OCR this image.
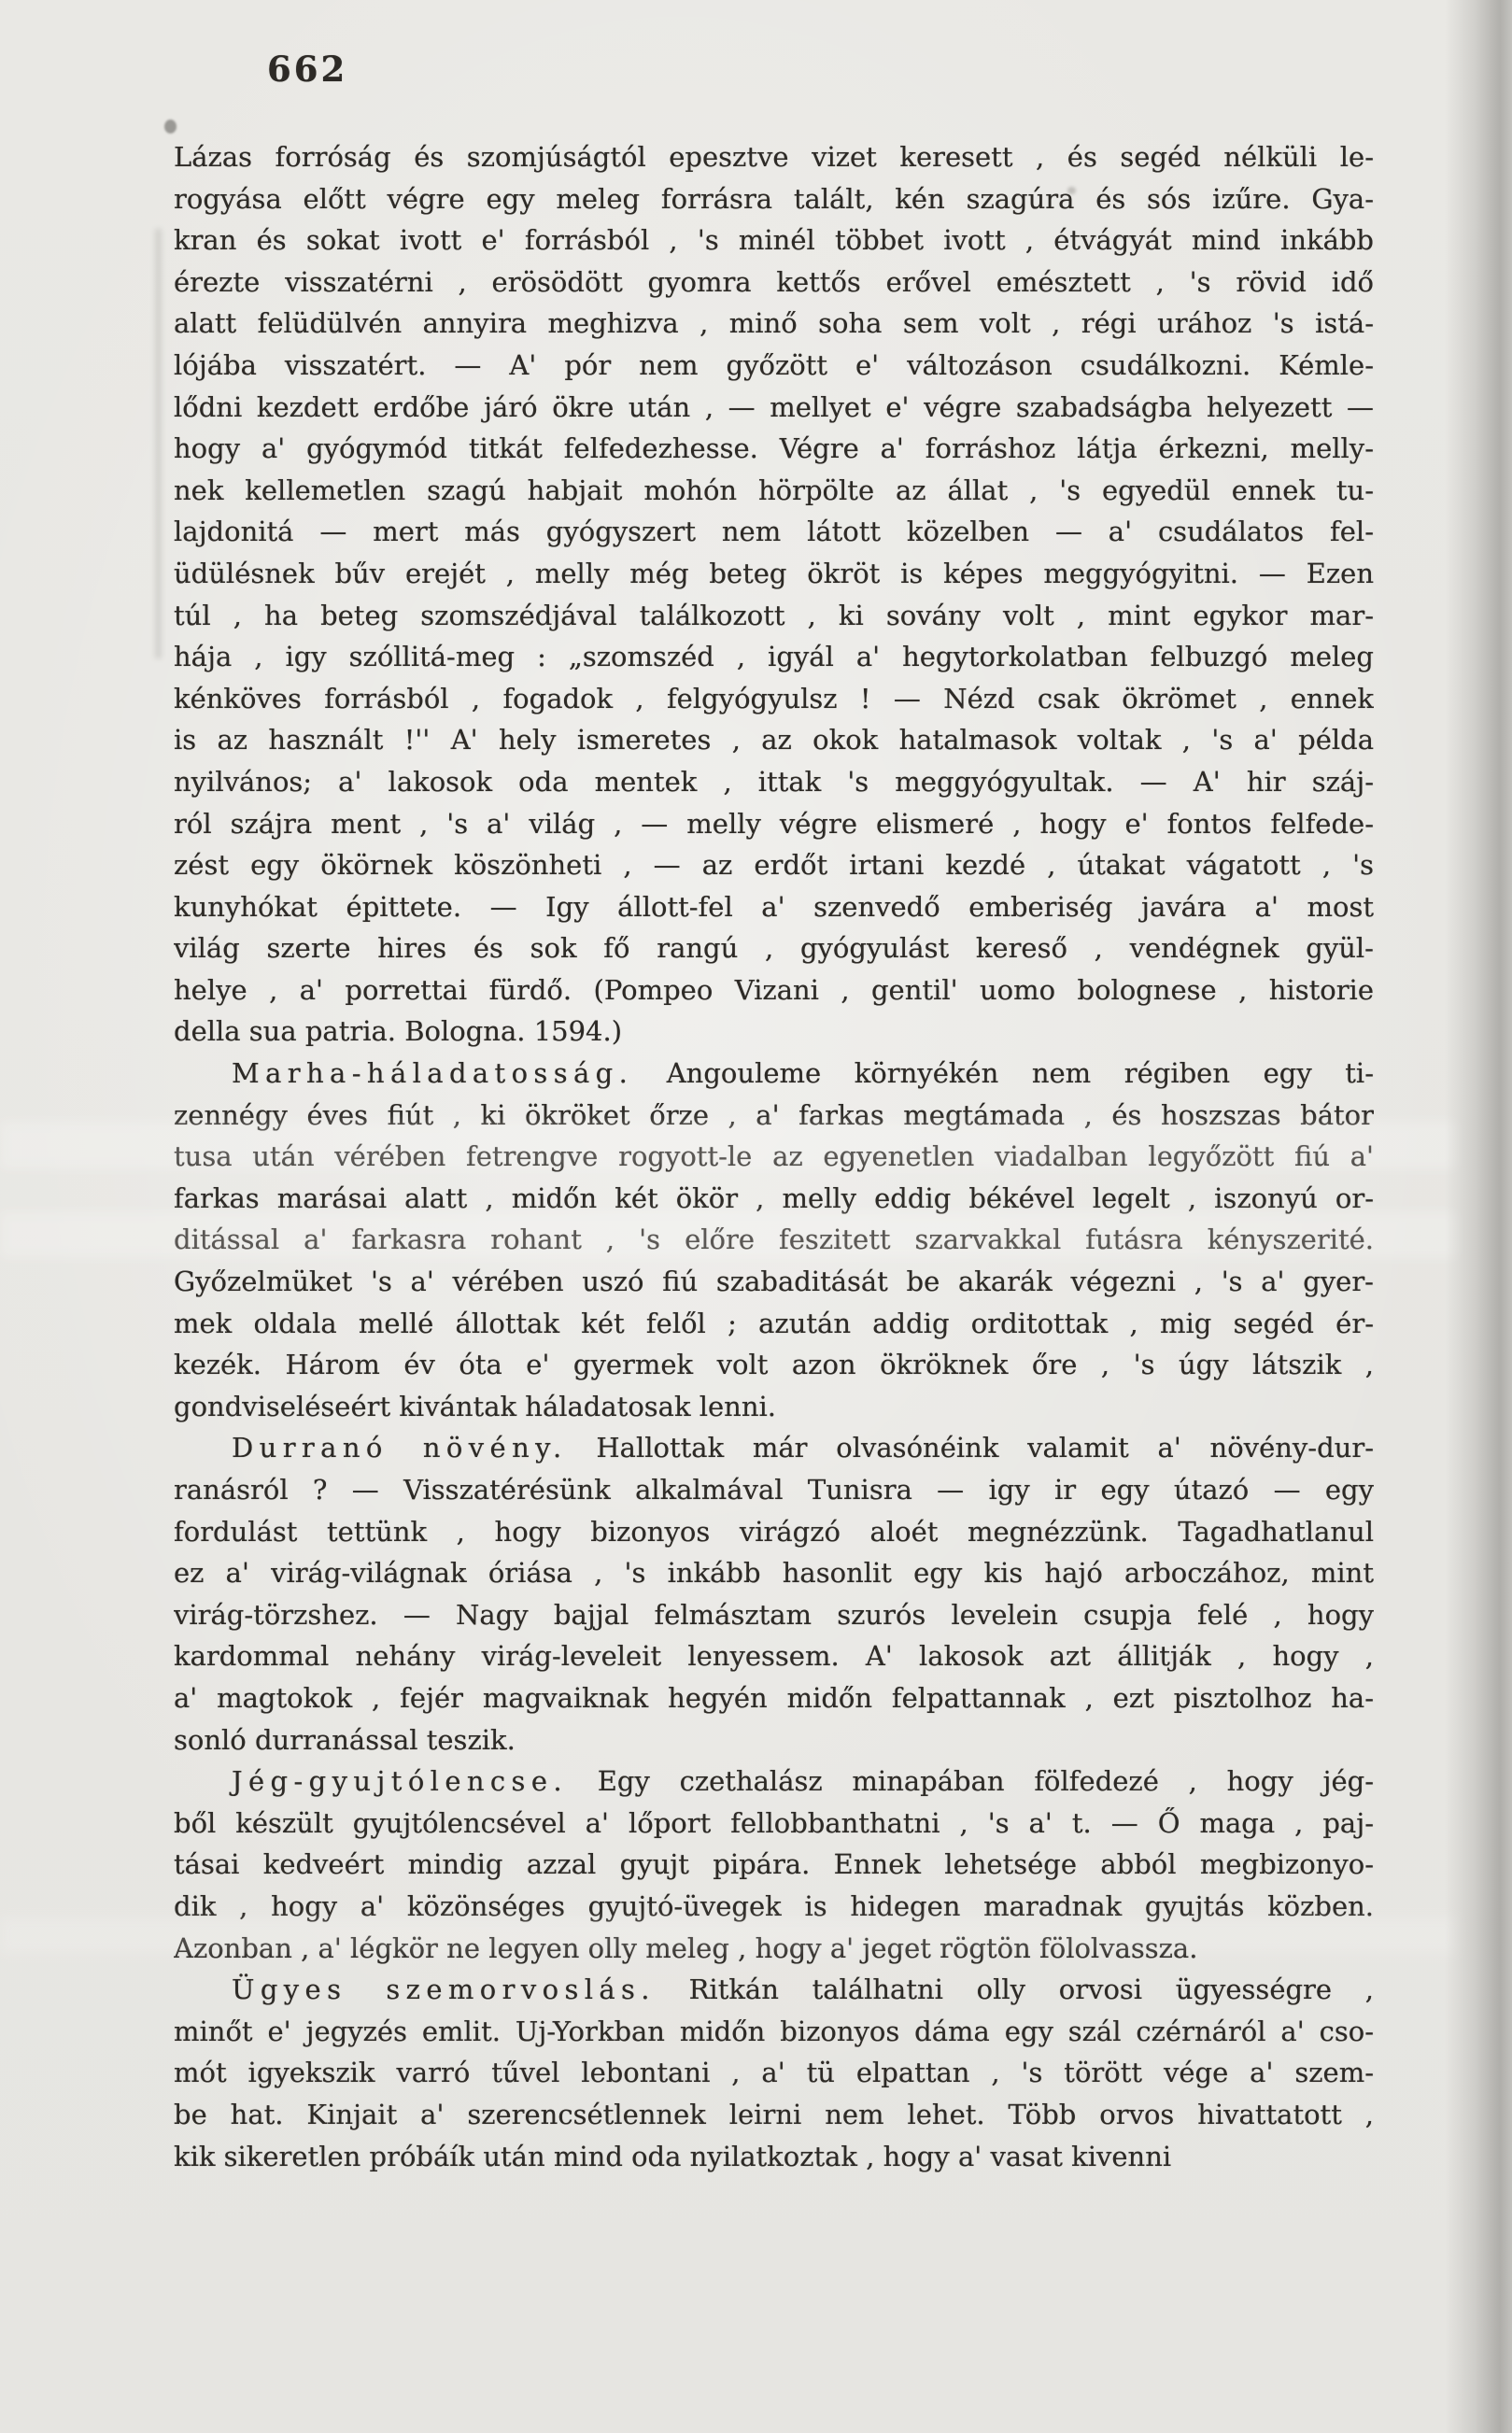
662
Lázas forróság és szomjúságtól epesztve vizet keresett , és segéd nélküli le-
rogyása előtt végre egy meleg forrásra talált, kén szagúra és sós izűre. Gya-
kran és sokat ivott e' forrásból , 's minél többet ivott , étvágyát mind inkább
érezte visszatérni , erösödött gyomra kettős erővel emésztett , 's rövid idő
alatt felüdülvén annyira meghizva , minő soha sem volt , régi urához 's istá-
lójába visszatért. — A' pór nem győzött e' változáson csudálkozni. Kémle-
lődni kezdett erdőbe járó ökre után , — mellyet e' végre szabadságba helyezett —
hogy a' gyógymód titkát felfedezhesse. Végre a' forráshoz látja érkezni, melly-
nek kellemetlen szagú habjait mohón hörpölte az állat , 's egyedül ennek tu-
lajdonitá — mert más gyógyszert nem látott közelben — a' csudálatos fel-
üdülésnek bűv erejét , melly még beteg ökröt is képes meggyógyitni. — Ezen
túl , ha beteg szomszédjával találkozott , ki sovány volt , mint egykor mar-
hája , igy szóllitá-meg : „szomszéd , igyál a' hegytorkolatban felbuzgó meleg
kénköves forrásból , fogadok , felgyógyulsz ! — Nézd csak ökrömet , ennek
is az használt !'' A' hely ismeretes , az okok hatalmasok voltak , 's a' példa
nyilvános; a' lakosok oda mentek , ittak 's meggyógyultak. — A' hir száj-
ról szájra ment , 's a' világ , — melly végre elismeré , hogy e' fontos felfede-
zést egy ökörnek köszönheti , — az erdőt irtani kezdé , útakat vágatott , 's
kunyhókat épittete. — Igy állott-fel a' szenvedő emberiség javára a' most
világ szerte hires és sok fő rangú , gyógyulást kereső , vendégnek gyül-
helye , a' porrettai fürdő. (Pompeo Vizani , gentil' uomo bolognese , historie
della sua patria. Bologna. 1594.)
Marha-háladatosság. Angouleme környékén nem régiben egy ti-
zennégy éves fiút , ki ökröket őrze , a' farkas megtámada , és hoszszas bátor
tusa után vérében fetrengve rogyott-le az egyenetlen viadalban legyőzött fiú a'
farkas marásai alatt , midőn két ökör , melly eddig békével legelt , iszonyú or-
ditással a' farkasra rohant , 's előre feszitett szarvakkal futásra kényszerité.
Győzelmüket 's a' vérében uszó fiú szabaditását be akarák végezni , 's a' gyer-
mek oldala mellé állottak két felől ; azután addig orditottak , mig segéd ér-
kezék. Három év óta e' gyermek volt azon ökröknek őre , 's úgy látszik ,
gondviseléseért kivántak háladatosak lenni.
Durranó növény. Hallottak már olvasónéink valamit a' növény-dur-
ranásról ? — Visszatérésünk alkalmával Tunisra — igy ir egy útazó — egy
fordulást tettünk , hogy bizonyos virágzó aloét megnézzünk. Tagadhatlanul
ez a' virág-világnak óriása , 's inkább hasonlit egy kis hajó arboczához, mint
virág-törzshez. — Nagy bajjal felmásztam szurós levelein csupja felé , hogy
kardommal nehány virág-leveleit lenyessem. A' lakosok azt állitják , hogy ,
a' magtokok , fejér magvaiknak hegyén midőn felpattannak , ezt pisztolhoz ha-
sonló durranással teszik.
Jég-gyujtólencse. Egy czethalász minapában fölfedezé , hogy jég-
ből készült gyujtólencsével a' lőport fellobbanthatni , 's a' t. — Ő maga , paj-
tásai kedveért mindig azzal gyujt pipára. Ennek lehetsége abból megbizonyo-
dik , hogy a' közönséges gyujtó-üvegek is hidegen maradnak gyujtás közben.
Azonban , a' légkör ne legyen olly meleg , hogy a' jeget rögtön fölolvassza.
Ügyes szemorvoslás. Ritkán találhatni olly orvosi ügyességre ,
minőt e' jegyzés emlit. Uj-Yorkban midőn bizonyos dáma egy szál czérnáról a' cso-
mót igyekszik varró tűvel lebontani , a' tü elpattan , 's törött vége a' szem-
be hat. Kinjait a' szerencsétlennek leirni nem lehet. Több orvos hivattatott ,
kik sikeretlen próbáík után mind oda nyilatkoztak , hogy a' vasat kivenni
